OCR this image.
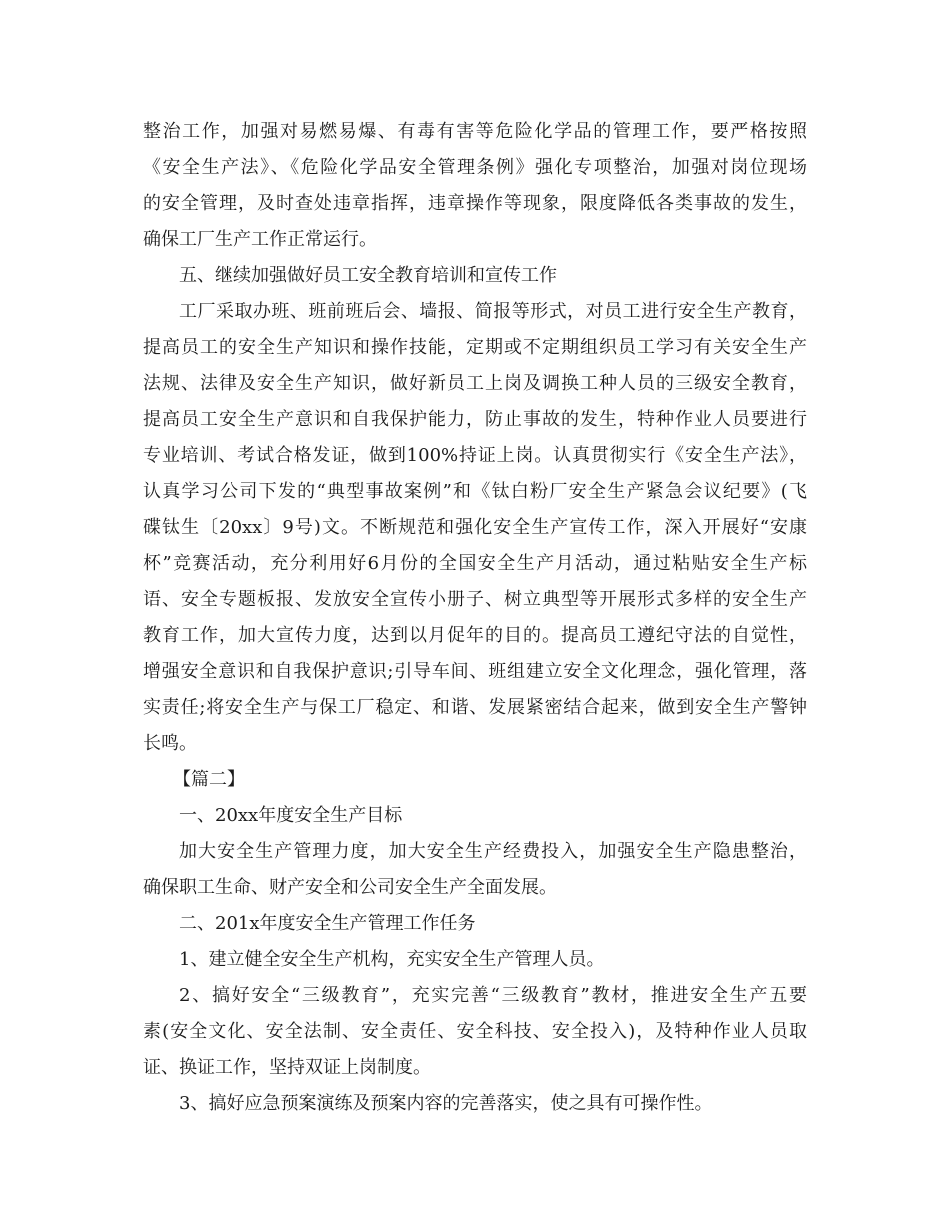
整治工作，加强对易燃易爆、有毒有害等危险化学品的管理工作，要严格按照
《安全生产法》、《危险化学品安全管理条例》强化专项整治，加强对岗位现场
的安全管理，及时查处违章指挥，违章操作等现象，限度降低各类事故的发生，
确保工厂生产工作正常运行。
五、继续加强做好员工安全教育培训和宣传工作
工厂采取办班、班前班后会、墙报、简报等形式，对员工进行安全生产教育，
提高员工的安全生产知识和操作技能，定期或不定期组织员工学习有关安全生产
法规、法律及安全生产知识，做好新员工上岗及调换工种人员的三级安全教育，
提高员工安全生产意识和自我保护能力，防止事故的发生，特种作业人员要进行
专业培训、考试合格发证，做到100%持证上岗。认真贯彻实行《安全生产法》，
认真学习公司下发的“典型事故案例”和《钛白粉厂安全生产紧急会议纪要》(飞
碟钛生〔20xx〕9号)文。不断规范和强化安全生产宣传工作，深入开展好“安康
杯”竞赛活动，充分利用好6月份的全国安全生产月活动，通过粘贴安全生产标
语、安全专题板报、发放安全宣传小册子、树立典型等开展形式多样的安全生产
教育工作，加大宣传力度，达到以月促年的目的。提高员工遵纪守法的自觉性，
增强安全意识和自我保护意识;引导车间、班组建立安全文化理念，强化管理，落
实责任;将安全生产与保工厂稳定、和谐、发展紧密结合起来，做到安全生产警钟
长鸣。
【篇二】
一、20xx年度安全生产目标
加大安全生产管理力度，加大安全生产经费投入，加强安全生产隐患整治，
确保职工生命、财产安全和公司安全生产全面发展。
二、201x年度安全生产管理工作任务
1、建立健全安全生产机构，充实安全生产管理人员。
2、搞好安全“三级教育”，充实完善“三级教育”教材，推进安全生产五要
素(安全文化、安全法制、安全责任、安全科技、安全投入)，及特种作业人员取
证、换证工作，坚持双证上岗制度。
3、搞好应急预案演练及预案内容的完善落实，使之具有可操作性。
